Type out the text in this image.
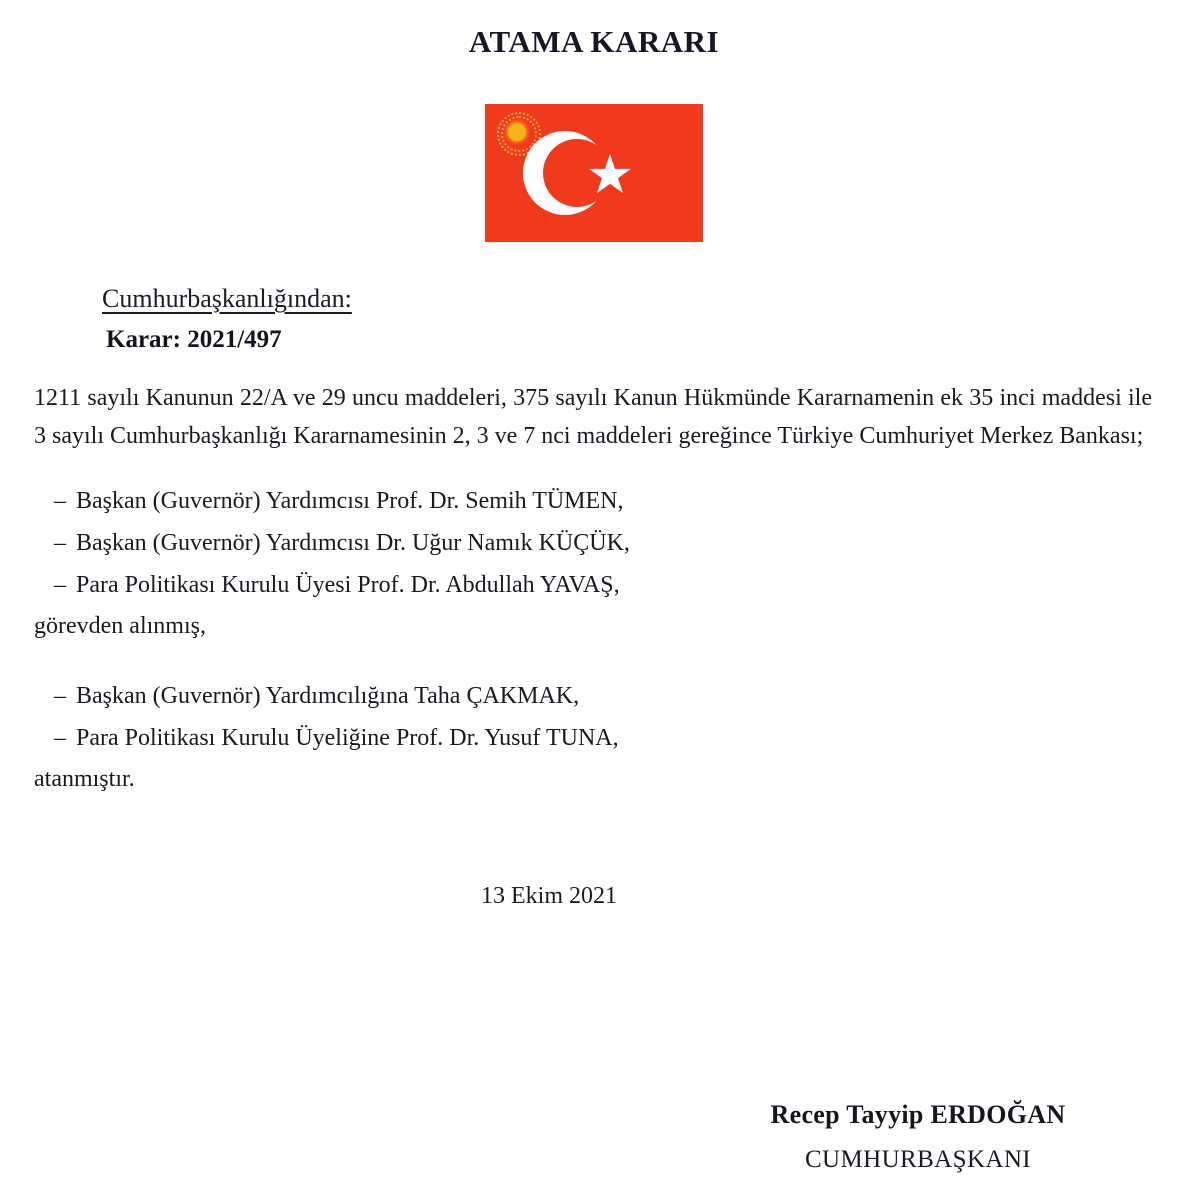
ATAMA KARARI
Cumhurbaşkanlığından:
Karar: 2021/497

1211 sayılı Kanunun 22/A ve 29 uncu maddeleri, 375 sayılı Kanun Hükmünde Kararnamenin ek 35 inci maddesi ile 3 sayılı Cumhurbaşkanlığı Kararnamesinin 2, 3 ve 7 nci maddeleri gereğince Türkiye Cumhuriyet Merkez Bankası;

– Başkan (Guvernör) Yardımcısı Prof. Dr. Semih TÜMEN,
– Başkan (Guvernör) Yardımcısı Dr. Uğur Namık KÜÇÜK,
– Para Politikası Kurulu Üyesi Prof. Dr. Abdullah YAVAŞ,
görevden alınmış,
– Başkan (Guvernör) Yardımcılığına Taha ÇAKMAK,
– Para Politikası Kurulu Üyeliğine Prof. Dr. Yusuf TUNA,
atanmıştır.
13 Ekim 2021
Recep Tayyip ERDOĞAN
CUMHURBAŞKANI
